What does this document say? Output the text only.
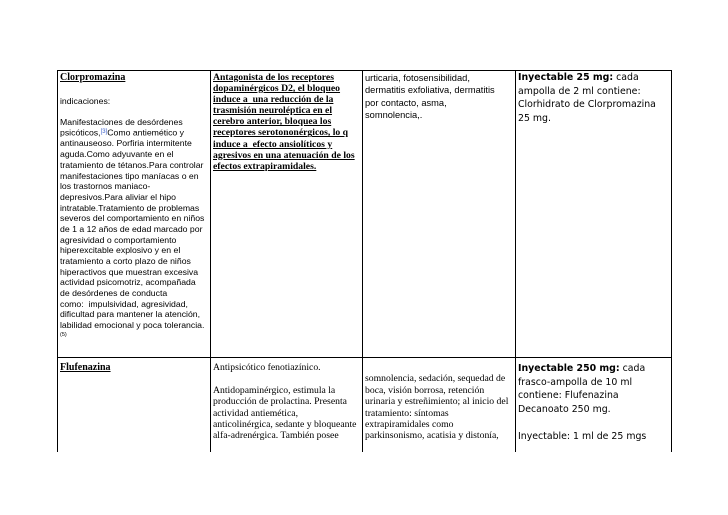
Clorpromazina
indicaciones:
Manifestaciones de desórdenes
psicóticos,[3]Como antiemético y
antinauseoso. Porfiria intermitente
aguda.Como adyuvante en el
tratamiento de tétanos.Para controlar
manifestaciones tipo maníacas o en
los trastornos maniaco-
depresivos.Para aliviar el hipo
intratable.Tratamiento de problemas
severos del comportamiento en niños
de 1 a 12 años de edad marcado por
agresividad o comportamiento
hiperexcitable explosivo y en el
tratamiento a corto plazo de niños
hiperactivos que muestran excesiva
actividad psicomotriz, acompañada
de desórdenes de conducta
como:  impulsividad, agresividad,
dificultad para mantener la atención,
labilidad emocional y poca tolerancia.
(5)
Antagonista de los receptores
dopaminérgicos D2, el bloqueo
induce a  una reducción de la
trasmisión neuroléptica en el
cerebro anterior, bloquea los
receptores serotononérgicos, lo q
induce a  efecto ansiolíticos y
agresivos en una atenuación de los
efectos extrapiramidales.
urticaria, fotosensibilidad,
dermatitis exfoliativa, dermatitis
por contacto, asma,
somnolencia,.
Inyectable 25 mg: cada
ampolla de 2 ml contiene:
Clorhidrato de Clorpromazina
25 mg.
Flufenazina	Antipsicótico fenotiazínico.
Antidopaminérgico, estimula la
producción de prolactina. Presenta
actividad antiemética,
anticolinérgica, sedante y bloqueante
alfa-adrenérgica. También posee
somnolencia, sedación, sequedad de
boca, visión borrosa, retención
urinaria y estreñimiento; al inicio del
tratamiento: síntomas
extrapiramidales como
parkinsonismo, acatisia y distonía,
Inyectable 250 mg: cada
frasco-ampolla de 10 ml
contiene: Flufenazina
Decanoato 250 mg.
Inyectable: 1 ml de 25 mgs
